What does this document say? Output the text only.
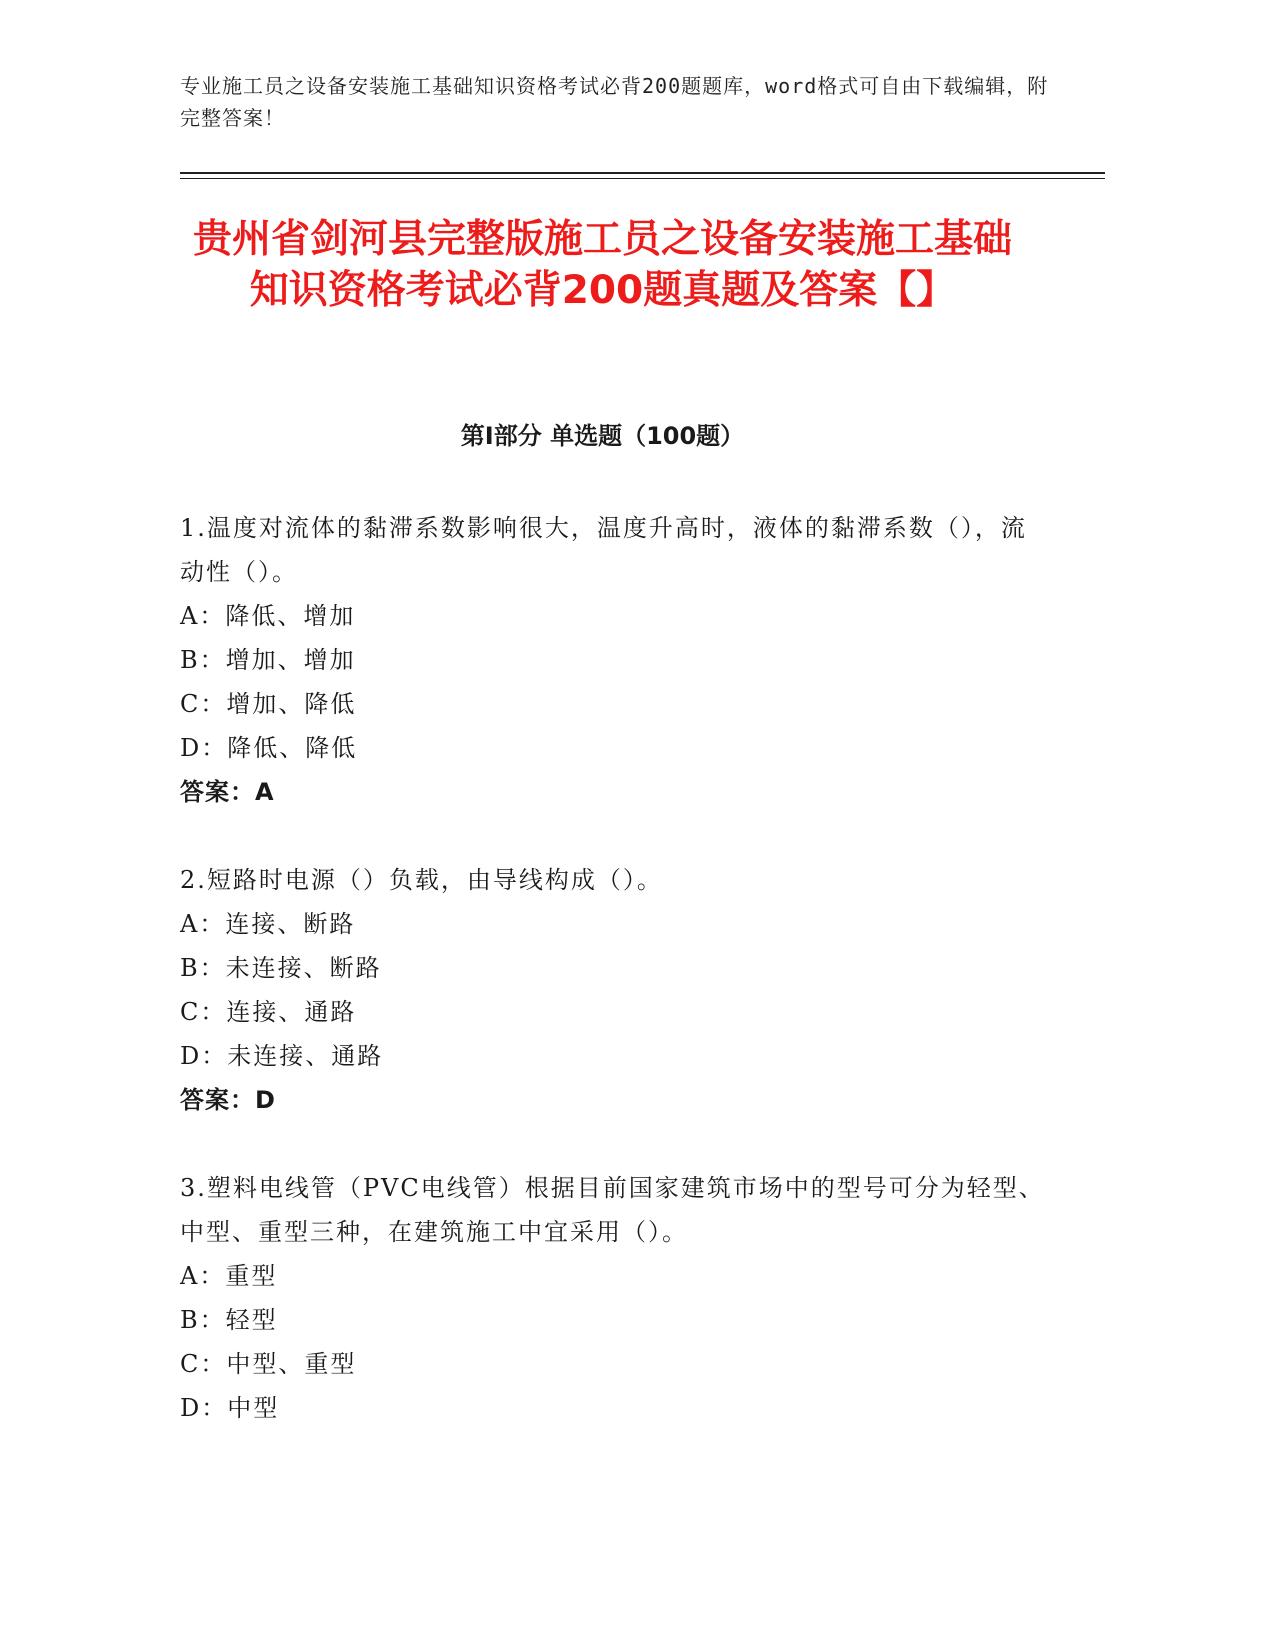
专业施工员之设备安装施工基础知识资格考试必背200题题库，word格式可自由下载编辑，附完整答案！
贵州省剑河县完整版施工员之设备安装施工基础知识资格考试必背200题真题及答案【】
第I部分 单选题（100题）

1.温度对流体的黏滞系数影响很大，温度升高时，液体的黏滞系数（），流动性（）。

A：降低、增加

B：增加、增加

C：增加、降低

D：降低、降低

答案：A

2.短路时电源（）负载，由导线构成（）。

A：连接、断路

B：未连接、断路

C：连接、通路

D：未连接、通路

答案：D

3.塑料电线管（PVC电线管）根据目前国家建筑市场中的型号可分为轻型、中型、重型三种，在建筑施工中宜采用（）。

A：重型

B：轻型

C：中型、重型

D：中型
